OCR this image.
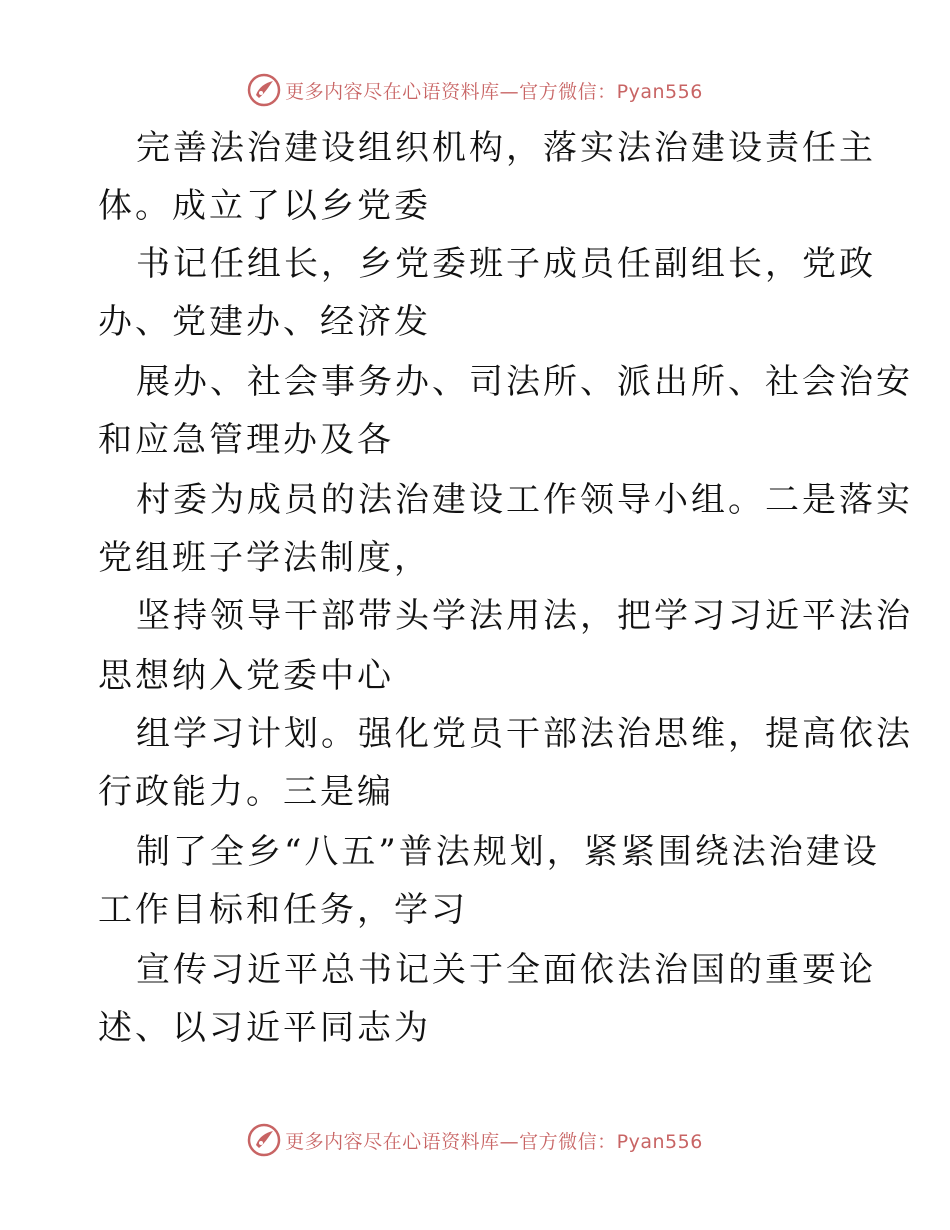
更多内容尽在心语资料库—官方微信：Pyan556
完善法治建设组织机构，落实法治建设责任主
体。成立了以乡党委
书记任组长，乡党委班子成员任副组长，党政
办、党建办、经济发
展办、社会事务办、司法所、派出所、社会治安
和应急管理办及各
村委为成员的法治建设工作领导小组。二是落实
党组班子学法制度，
坚持领导干部带头学法用法，把学习习近平法治
思想纳入党委中心
组学习计划。强化党员干部法治思维，提高依法
行政能力。三是编
制了全乡“八五”普法规划，紧紧围绕法治建设
工作目标和任务，学习
宣传习近平总书记关于全面依法治国的重要论
述、以习近平同志为
更多内容尽在心语资料库—官方微信：Pyan556
